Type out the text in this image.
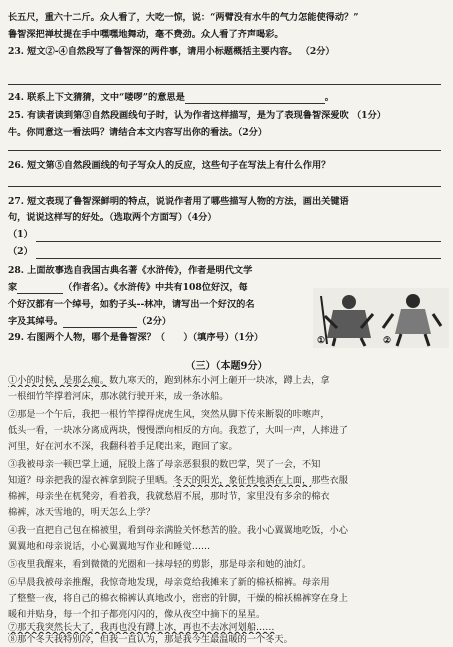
长五尺，重六十二斤。众人看了，大吃一惊，说：“两臂没有水牛的气力怎能使得动？”
鲁智深把禅杖提在手中嘿嘿地舞动，毫不费劲。众人看了齐声喝彩。
23. 短文②-④自然段写了鲁智深的两件事，请用小标题概括主要内容。 （2分）
24. 联系上下文猜猜，文中“喽啰”的意思是	。
25. 有读者读到第③自然段画线句子时，认为作者这样描写，是为了表现鲁智深爱吹 （1分）
牛。你同意这一看法吗？请结合本文内容写出你的看法。（2分）
26. 短文第⑤自然段画线的句子写众人的反应，这些句子在写法上有什么作用？
27. 短文表现了鲁智深鲜明的特点，说说作者用了哪些描写人物的方法，画出关键语
句，说说这样写的好处。（选取两个方面写）（4分）
（1）
（2）
28. 上面故事选自我国古典名著《水浒传》，作者是明代文学
家	（作者名）。《水浒传》中共有108位好汉，每
个好汉都有一个绰号，如豹子头--林冲，请写出一个好汉的名
字及其绰号。	（2分）
29. 右图两个人物，哪个是鲁智深？（　　）（填序号）（1分）	①	②
（三）（本题9分）
①小的时候，是那么痴。数九寒天的，跑到林东小河上砸开一块冰，蹲上去，拿
一根细竹竿撑着河床，那冰就行驶开来，成一条冰船。
②那是一个午后，我把一根竹竿撑得虎虎生风，突然从脚下传来断裂的咔嚓声，
低头一看，一块冰分离成两块，慢慢漂向相反的方向。我惹了，大叫一声，人摔进了
河里，好在河水不深，我翻科着手足爬出来，跑回了家。
③我被母亲一顿巴掌上通，屁股上落了母亲恶狠狠的数巴掌，哭了一会，不知
知道？母亲把我的湿衣裤拿到院子里晒。冬天的阳光，象征性地洒在上面，那些衣服
棉裤，母亲坐在杌凳旁，看着我，我就愁眉不展，那时节，家里没有多余的棉衣
棉裤，冰天雪地的，明天怎么上学？
④我一直把自己包在棉被里，看到母亲满脸关怀愁苦的脸。我小心翼翼地吃饭，小心
翼翼地和母亲说话，小心翼翼地写作业和睡觉……
⑤夜里我醒来，看到微微的光圈和一抹母轻的剪影，那是母亲和她的油灯。
⑥早晨我被母亲推醒，我惊奇地发现，母亲竟给我摊来了新的棉袄棉裤。母亲用
了整整一夜，将自己的棉衣棉裤认真地改小，密密的针脚，干燥的棉袄棉裤穿在身上
暖和并贴身，每一个扣子都亮闪闪的，像从夜空中摘下的星星。
⑦那天我突然长大了，我再也没有蹲上冰，再也不去冰河划船……
⑧那个冬天我特别冷，但我一直认为，那是我今生最温暖的一个冬天。
